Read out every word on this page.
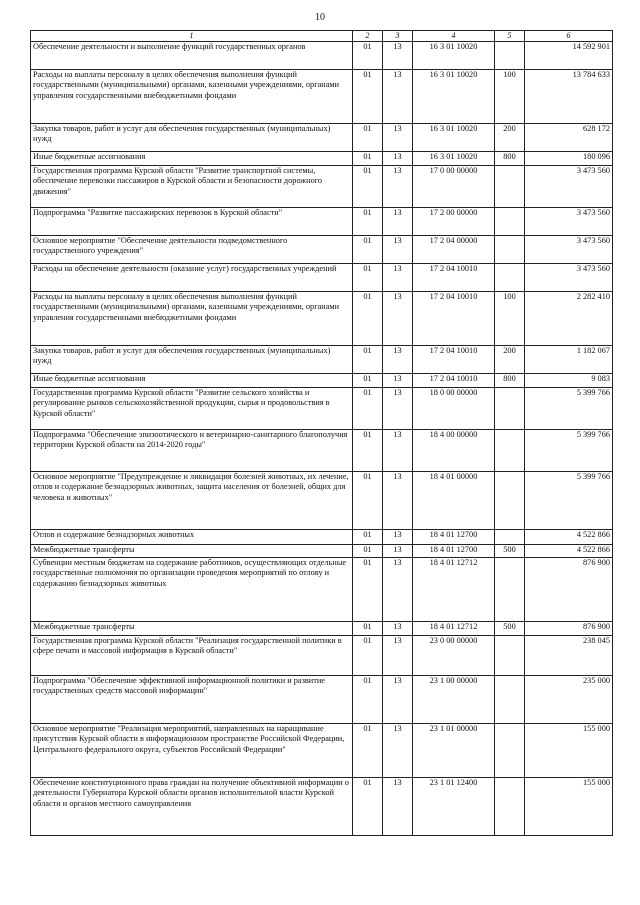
10
1	2	3	4	5	6
Обеспечение деятельности и выполнение функций государственных органов	01	13	16 3 01 10020		14 592 901
Расходы на выплаты персоналу в целях обеспечения выполнения функций государственными (муниципальными) органами, казенными учреждениями, органами управления государственными внебюджетными фондами	01	13	16 3 01 10020	100	13 784 633
Закупка товаров, работ и услуг для обеспечения государственных (муниципальных) нужд	01	13	16 3 01 10020	200	628 172
Иные бюджетные ассигнования	01	13	16 3 01 10020	800	180 096
Государственная программа Курской области "Развитие транспортной системы, обеспечение перевозки пассажиров в Курской области и безопасности дорожного движения"	01	13	17 0 00 00000		3 473 560
Подпрограмма "Развитие пассажирских перевозок в Курской области"	01	13	17 2 00 00000		3 473 560
Основное мероприятие "Обеспечение деятельности подведомственного государственного учреждения"	01	13	17 2 04 00000		3 473 560
Расходы на обеспечение деятельности (оказание услуг) государственных учреждений	01	13	17 2 04 10010		3 473 560
Расходы на выплаты персоналу в целях обеспечения выполнения функций государственными (муниципальными) органами, казенными учреждениями, органами управления государственными внебюджетными фондами	01	13	17 2 04 10010	100	2 282 410
Закупка товаров, работ и услуг для обеспечения государственных (муниципальных) нужд	01	13	17 2 04 10010	200	1 182 067
Иные бюджетные ассигнования	01	13	17 2 04 10010	800	9 083
Государственная программа Курской области "Развитие сельского хозяйства и регулирование рынков сельскохозяйственной продукции, сырья и продовольствия в Курской области"	01	13	18 0 00 00000		5 399 766
Подпрограмма "Обеспечение эпизоотического и ветеринарно-санитарного благополучия территории Курской области на 2014-2020 годы"	01	13	18 4 00 00000		5 399 766
Основное мероприятие "Предупреждение и ликвидация болезней животных, их лечение, отлов и содержание безнадзорных животных, защита населения от болезней, общих для человека и животных"	01	13	18 4 01 00000		5 399 766
Отлов и содержание безнадзорных животных	01	13	18 4 01 12700		4 522 866
Межбюджетные трансферты	01	13	18 4 01 12700	500	4 522 866
Субвенции местным бюджетам на содержание работников, осуществляющих отдельные государственные полномочия по организации проведения мероприятий по отлову и содержанию безнадзорных животных	01	13	18 4 01 12712		876 900
Межбюджетные трансферты	01	13	18 4 01 12712	500	876 900
Государственная программа Курской области "Реализация государственной политики в сфере печати и массовой информация в Курской области"	01	13	23 0 00 00000		238 045
Подпрограмма "Обеспечение эффективной информационной политики и развитие государственных средств массовой информации"	01	13	23 1 00 00000		235 000
Основное мероприятие "Реализация мероприятий, направленных на наращивание присутствия Курской области в информационном пространстве Российской Федерации, Центрального федерального округа, субъектов Российской Федерации"	01	13	23 1 01 00000		155 000
Обеспечение конституционного права граждан на получение объективной информации о деятельности Губернатора Курской области органов исполнительной власти Курской области и органов местного самоуправления	01	13	23 1 01 12400		155 000
